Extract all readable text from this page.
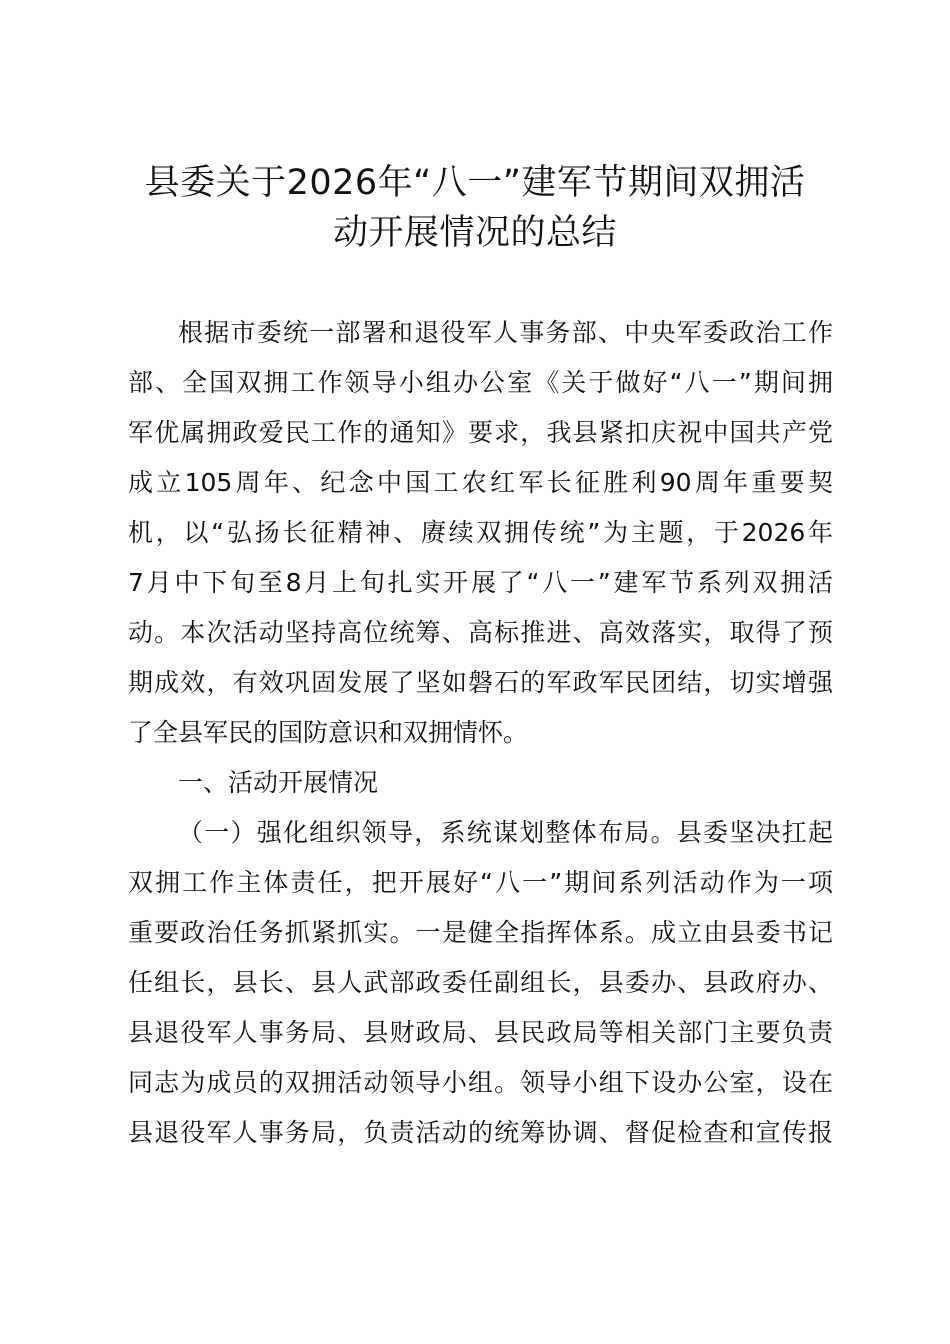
县委关于2026年“八一”建军节期间双拥活
动开展情况的总结
根据市委统一部署和退役军人事务部、中央军委政治工作
部、全国双拥工作领导小组办公室《关于做好“八一”期间拥
军优属拥政爱民工作的通知》要求，我县紧扣庆祝中国共产党
成立105周年、纪念中国工农红军长征胜利90周年重要契
机，以“弘扬长征精神、赓续双拥传统”为主题，于2026年
7月中下旬至8月上旬扎实开展了“八一”建军节系列双拥活
动。本次活动坚持高位统筹、高标推进、高效落实，取得了预
期成效，有效巩固发展了坚如磐石的军政军民团结，切实增强
了全县军民的国防意识和双拥情怀。
一、活动开展情况
（一）强化组织领导，系统谋划整体布局。县委坚决扛起
双拥工作主体责任，把开展好“八一”期间系列活动作为一项
重要政治任务抓紧抓实。一是健全指挥体系。成立由县委书记
任组长，县长、县人武部政委任副组长，县委办、县政府办、
县退役军人事务局、县财政局、县民政局等相关部门主要负责
同志为成员的双拥活动领导小组。领导小组下设办公室，设在
县退役军人事务局，负责活动的统筹协调、督促检查和宣传报
